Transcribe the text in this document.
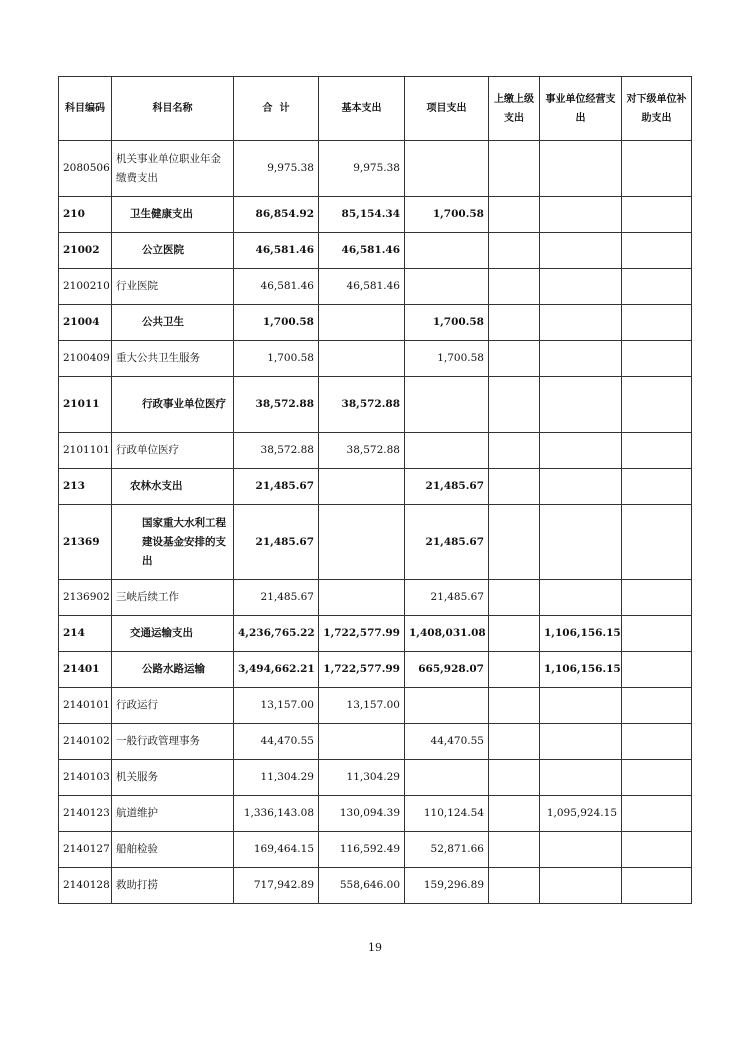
科目编码	科目名称	合  计	基本支出	项目支出	上缴上级支出	事业单位经营支出	对下级单位补助支出
2080506	机关事业单位职业年金缴费支出	9,975.38	9,975.38				
210	卫生健康支出	86,854.92	85,154.34	1,700.58			
21002	公立医院	46,581.46	46,581.46				
2100210	行业医院	46,581.46	46,581.46				
21004	公共卫生	1,700.58		1,700.58			
2100409	重大公共卫生服务	1,700.58		1,700.58			
21011	行政事业单位医疗	38,572.88	38,572.88				
2101101	行政单位医疗	38,572.88	38,572.88				
213	农林水支出	21,485.67		21,485.67			
21369	国家重大水利工程建设基金安排的支出	21,485.67		21,485.67			
2136902	三峡后续工作	21,485.67		21,485.67			
214	交通运输支出	4,236,765.22	1,722,577.99	1,408,031.08		1,106,156.15	
21401	公路水路运输	3,494,662.21	1,722,577.99	665,928.07		1,106,156.15	
2140101	行政运行	13,157.00	13,157.00				
2140102	一般行政管理事务	44,470.55		44,470.55			
2140103	机关服务	11,304.29	11,304.29				
2140123	航道维护	1,336,143.08	130,094.39	110,124.54		1,095,924.15	
2140127	船舶检验	169,464.15	116,592.49	52,871.66			
2140128	救助打捞	717,942.89	558,646.00	159,296.89			
19
